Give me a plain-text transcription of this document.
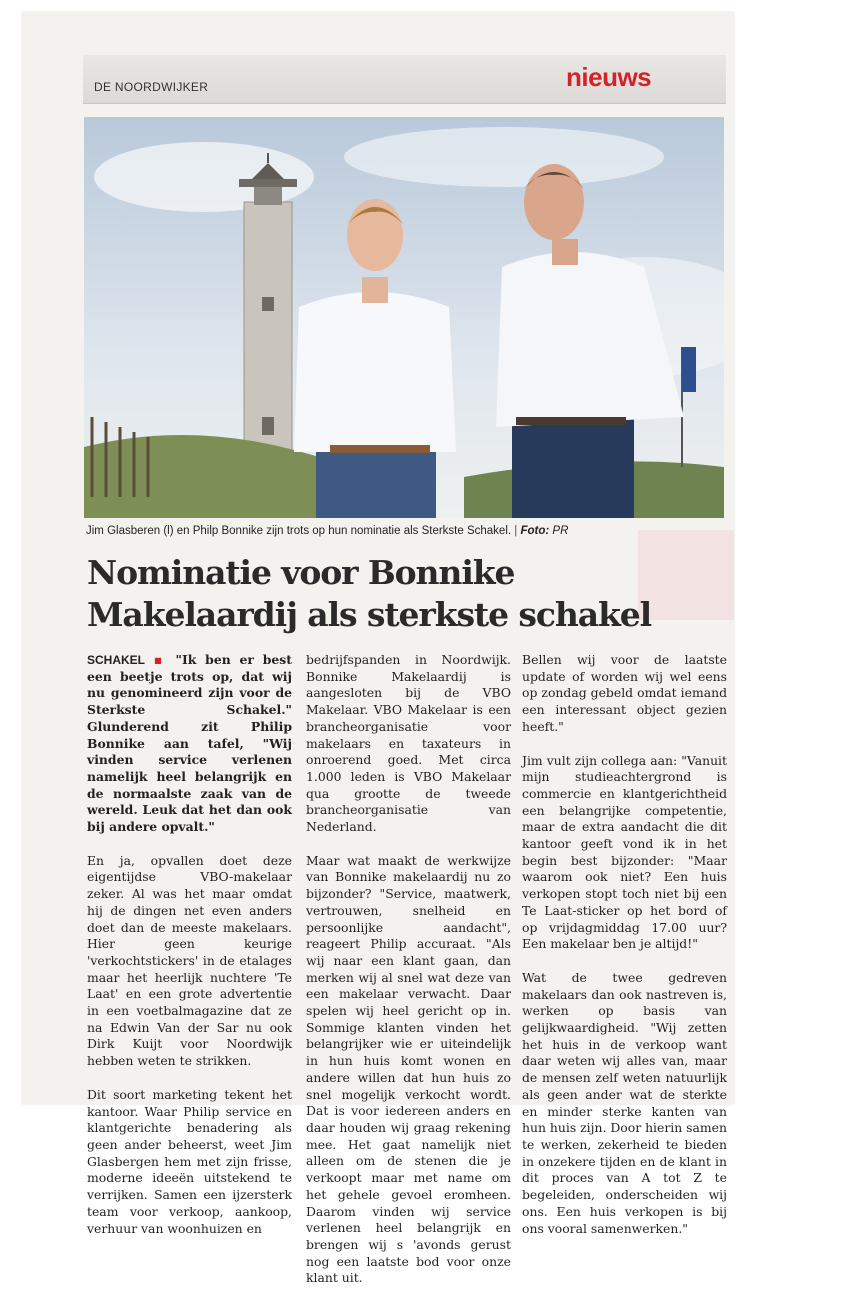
DE NOORDWIJKER	nieuws
Jim Glasberen (l) en Philp Bonnike zijn trots op hun nominatie als Sterkste Schakel. | Foto: PR
Nominatie voor Bonnike Makelaardij als sterkste schakel

SCHAKEL ▪ "Ik ben er best een beetje trots op, dat wij nu genomineerd zijn voor de Sterkste Schakel." Glunderend zit Philip Bonnike aan tafel, "Wij vinden service verlenen namelijk heel belangrijk en de normaalste zaak van de wereld. Leuk dat het dan ook bij andere opvalt."

En ja, opvallen doet deze eigentijdse VBO-makelaar zeker. Al was het maar omdat hij de dingen net even anders doet dan de meeste makelaars. Hier geen keurige 'verkochtstickers' in de etalages maar het heerlijk nuchtere 'Te Laat' en een grote advertentie in een voetbalmagazine dat ze na Edwin Van der Sar nu ook Dirk Kuijt voor Noordwijk hebben weten te strikken.

Dit soort marketing tekent het kantoor. Waar Philip service en klantgerichte benadering als geen ander beheerst, weet Jim Glasbergen hem met zijn frisse, moderne ideeën uitstekend te verrijken. Samen een ijzersterk team voor verkoop, aankoop, verhuur van woonhuizen en

bedrijfspanden in Noordwijk. Bonnike Makelaardij is aangesloten bij de VBO Makelaar. VBO Makelaar is een brancheorganisatie voor makelaars en taxateurs in onroerend goed. Met circa 1.000 leden is VBO Makelaar qua grootte de tweede brancheorganisatie van Nederland.

Maar wat maakt de werkwijze van Bonnike makelaardij nu zo bijzonder? "Service, maatwerk, vertrouwen, snelheid en persoonlijke aandacht", reageert Philip accuraat. "Als wij naar een klant gaan, dan merken wij al snel wat deze van een makelaar verwacht. Daar spelen wij heel gericht op in. Sommige klanten vinden het belangrijker wie er uiteindelijk in hun huis komt wonen en andere willen dat hun huis zo snel mogelijk verkocht wordt. Dat is voor iedereen anders en daar houden wij graag rekening mee. Het gaat namelijk niet alleen om de stenen die je verkoopt maar met name om het gehele gevoel eromheen. Daarom vinden wij service verlenen heel belangrijk en brengen wij s 'avonds gerust nog een laatste bod voor onze klant uit.

Bellen wij voor de laatste update of worden wij wel eens op zondag gebeld omdat iemand een interessant object gezien heeft."

Jim vult zijn collega aan: "Vanuit mijn studieachtergrond is commercie en klantgerichtheid een belangrijke competentie, maar de extra aandacht die dit kantoor geeft vond ik in het begin best bijzonder: "Maar waarom ook niet? Een huis verkopen stopt toch niet bij een Te Laat-sticker op het bord of op vrijdagmiddag 17.00 uur? Een makelaar ben je altijd!"

Wat de twee gedreven makelaars dan ook nastreven is, werken op basis van gelijkwaardigheid. "Wij zetten het huis in de verkoop want daar weten wij alles van, maar de mensen zelf weten natuurlijk als geen ander wat de sterkte en minder sterke kanten van hun huis zijn. Door hierin samen te werken, zekerheid te bieden in onzekere tijden en de klant in dit proces van A tot Z te begeleiden, onderscheiden wij ons. Een huis verkopen is bij ons vooral samenwerken."
